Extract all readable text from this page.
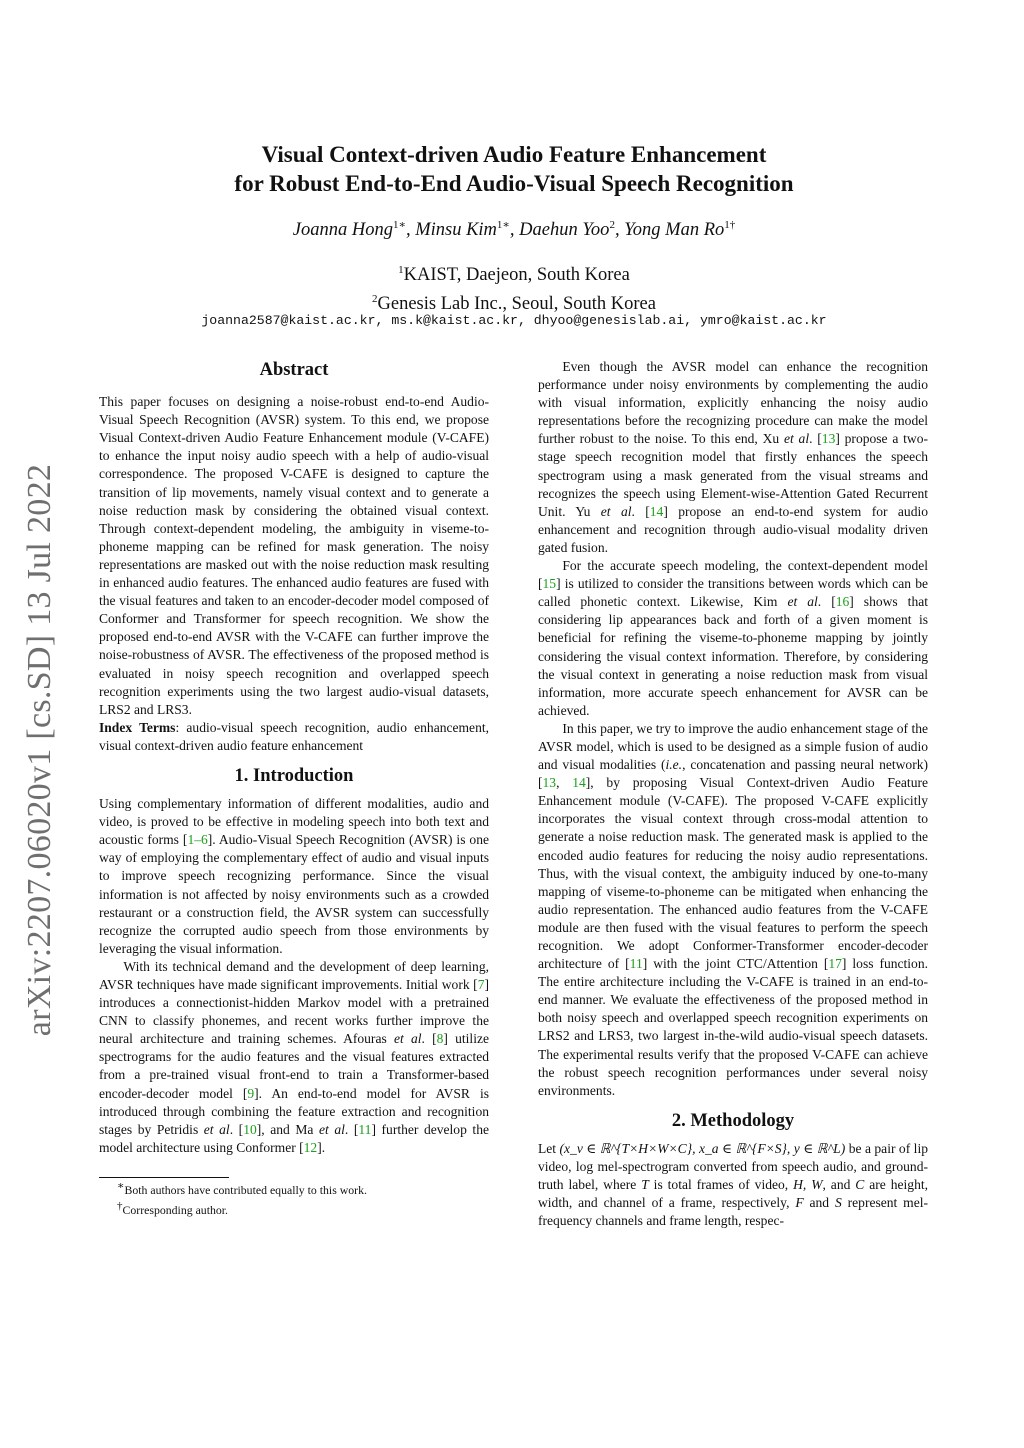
arXiv:2207.06020v1 [cs.SD] 13 Jul 2022
Visual Context-driven Audio Feature Enhancement
for Robust End-to-End Audio-Visual Speech Recognition
Joanna Hong$^{1∗}$, Minsu Kim$^{1∗}$, Daehun Yoo$^2$, Yong Man $Ro^{1\dagger}$
$^1$KAIST, Daejeon, South Korea
$^2$Genesis Lab Inc., Seoul, South Korea
joanna2587@kaist.ac.kr, ms.k@kaist.ac.kr, dhyoo@genesislab.ai, ymro@kaist.ac.kr
Abstract

This paper focuses on designing a noise-robust end-to-end Audio-Visual Speech Recognition (AVSR) system. To this end, we propose Visual Context-driven Audio Feature Enhancement module (V-CAFE) to enhance the input noisy audio speech with a help of audio-visual correspondence. The proposed V-CAFE is designed to capture the transition of lip movements, namely visual context and to generate a noise reduction mask by considering the obtained visual context. Through context-dependent modeling, the ambiguity in viseme-to-phoneme mapping can be refined for mask generation. The noisy representations are masked out with the noise reduction mask resulting in enhanced audio features. The enhanced audio features are fused with the visual features and taken to an encoder-decoder model composed of Conformer and Transformer for speech recognition. We show the proposed end-to-end AVSR with the V-CAFE can further improve the noise-robustness of AVSR. The effectiveness of the proposed method is evaluated in noisy speech recognition and overlapped speech recognition experiments using the two largest audio-visual datasets, LRS2 and LRS3.

Index Terms: audio-visual speech recognition, audio enhancement, visual context-driven audio feature enhancement

1. Introduction

Using complementary information of different modalities, audio and video, is proved to be effective in modeling speech into both text and acoustic forms [1–6]. Audio-Visual Speech Recognition (AVSR) is one way of employing the complementary effect of audio and visual inputs to improve speech recognizing performance. Since the visual information is not affected by noisy environments such as a crowded restaurant or a construction field, the AVSR system can successfully recognize the corrupted audio speech from those environments by leveraging the visual information.

With its technical demand and the development of deep learning, AVSR techniques have made significant improvements. Initial work [7] introduces a connectionist-hidden Markov model with a pretrained CNN to classify phonemes, and recent works further improve the neural architecture and training schemes. Afouras et al. [8] utilize spectrograms for the audio features and the visual features extracted from a pre-trained visual front-end to train a Transformer-based encoder-decoder model [9]. An end-to-end model for AVSR is introduced through combining the feature extraction and recognition stages by Petridis et al. [10], and Ma et al. [11] further develop the model architecture using Conformer [12].

∗Both authors have contributed equally to this work.

†Corresponding author.

Even though the AVSR model can enhance the recognition performance under noisy environments by complementing the audio with visual information, explicitly enhancing the noisy audio representations before the recognizing procedure can make the model further robust to the noise. To this end, Xu et al. [13] propose a two-stage speech recognition model that firstly enhances the speech spectrogram using a mask generated from the visual streams and recognizes the speech using Element-wise-Attention Gated Recurrent Unit. Yu et al. [14] propose an end-to-end system for audio enhancement and recognition through audio-visual modality driven gated fusion.

For the accurate speech modeling, the context-dependent model [15] is utilized to consider the transitions between words which can be called phonetic context. Likewise, Kim et al. [16] shows that considering lip appearances back and forth of a given moment is beneficial for refining the viseme-to-phoneme mapping by jointly considering the visual context information. Therefore, by considering the visual context in generating a noise reduction mask from visual information, more accurate speech enhancement for AVSR can be achieved.

In this paper, we try to improve the audio enhancement stage of the AVSR model, which is used to be designed as a simple fusion of audio and visual modalities (i.e., concatenation and passing neural network) [13, 14], by proposing Visual Context-driven Audio Feature Enhancement module (V-CAFE). The proposed V-CAFE explicitly incorporates the visual context through cross-modal attention to generate a noise reduction mask. The generated mask is applied to the encoded audio features for reducing the noisy audio representations. Thus, with the visual context, the ambiguity induced by one-to-many mapping of viseme-to-phoneme can be mitigated when enhancing the audio representation. The enhanced audio features from the V-CAFE module are then fused with the visual features to perform the speech recognition. We adopt Conformer-Transformer encoder-decoder architecture of [11] with the joint CTC/Attention [17] loss function. The entire architecture including the V-CAFE is trained in an end-to-end manner. We evaluate the effectiveness of the proposed method in both noisy speech and overlapped speech recognition experiments on LRS2 and LRS3, two largest in-the-wild audio-visual speech datasets. The experimental results verify that the proposed V-CAFE can achieve the robust speech recognition performances under several noisy environments.

2. Methodology

Let (x_v ∈ ℝ^{T×H×W×C}, x_a ∈ ℝ^{F×S}, y ∈ ℝ^L) be a pair of lip video, log mel-spectrogram converted from speech audio, and ground-truth label, where T is total frames of video, H, W, and C are height, width, and channel of a frame, respectively, F and S represent mel-frequency channels and frame length, respec-
